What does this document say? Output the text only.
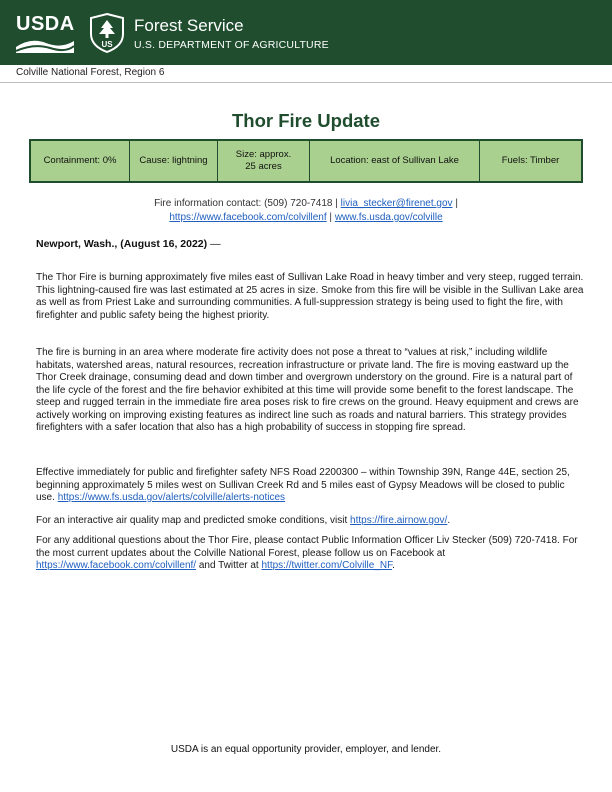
USDA
US
Forest Service
U.S. DEPARTMENT OF AGRICULTURE
Colville National Forest, Region 6
Thor Fire Update
Containment: 0%	Cause: lightning
Size: approx.
25 acres
Location: east of Sullivan Lake	Fuels: Timber
Fire information contact: (509) 720-7418 | livia_stecker@firenet.gov |
https://www.facebook.com/colvillenf | www.fs.usda.gov/colville
Newport, Wash., (August 16, 2022) —

The Thor Fire is burning approximately five miles east of Sullivan Lake Road in heavy timber and very steep, rugged terrain. This lightning-caused fire was last estimated at 25 acres in size. Smoke from this fire will be visible in the Sullivan Lake area as well as from Priest Lake and surrounding communities. A full-suppression strategy is being used to fight the fire, with firefighter and public safety being the highest priority.

The fire is burning in an area where moderate fire activity does not pose a threat to “values at risk,” including wildlife habitats, watershed areas, natural resources, recreation infrastructure or private land. The fire is moving eastward up the Thor Creek drainage, consuming dead and down timber and overgrown understory on the ground. Fire is a natural part of the life cycle of the forest and the fire behavior exhibited at this time will provide some benefit to the forest landscape. The steep and rugged terrain in the immediate fire area poses risk to fire crews on the ground. Heavy equipment and crews are actively working on improving existing features as indirect line such as roads and natural barriers. This strategy provides firefighters with a safer location that also has a high probability of success in stopping fire spread.

Effective immediately for public and firefighter safety NFS Road 2200300 – within Township 39N, Range 44E, section 25, beginning approximately 5 miles west on Sullivan Creek Rd and 5 miles east of Gypsy Meadows will be closed to public use. https://www.fs.usda.gov/alerts/colville/alerts-notices

For an interactive air quality map and predicted smoke conditions, visit https://fire.airnow.gov/.

For any additional questions about the Thor Fire, please contact Public Information Officer Liv Stecker (509) 720-7418. For the most current updates about the Colville National Forest, please follow us on Facebook at https://www.facebook.com/colvillenf/ and Twitter at https://twitter.com/Colville_NF.

USDA is an equal opportunity provider, employer, and lender.
